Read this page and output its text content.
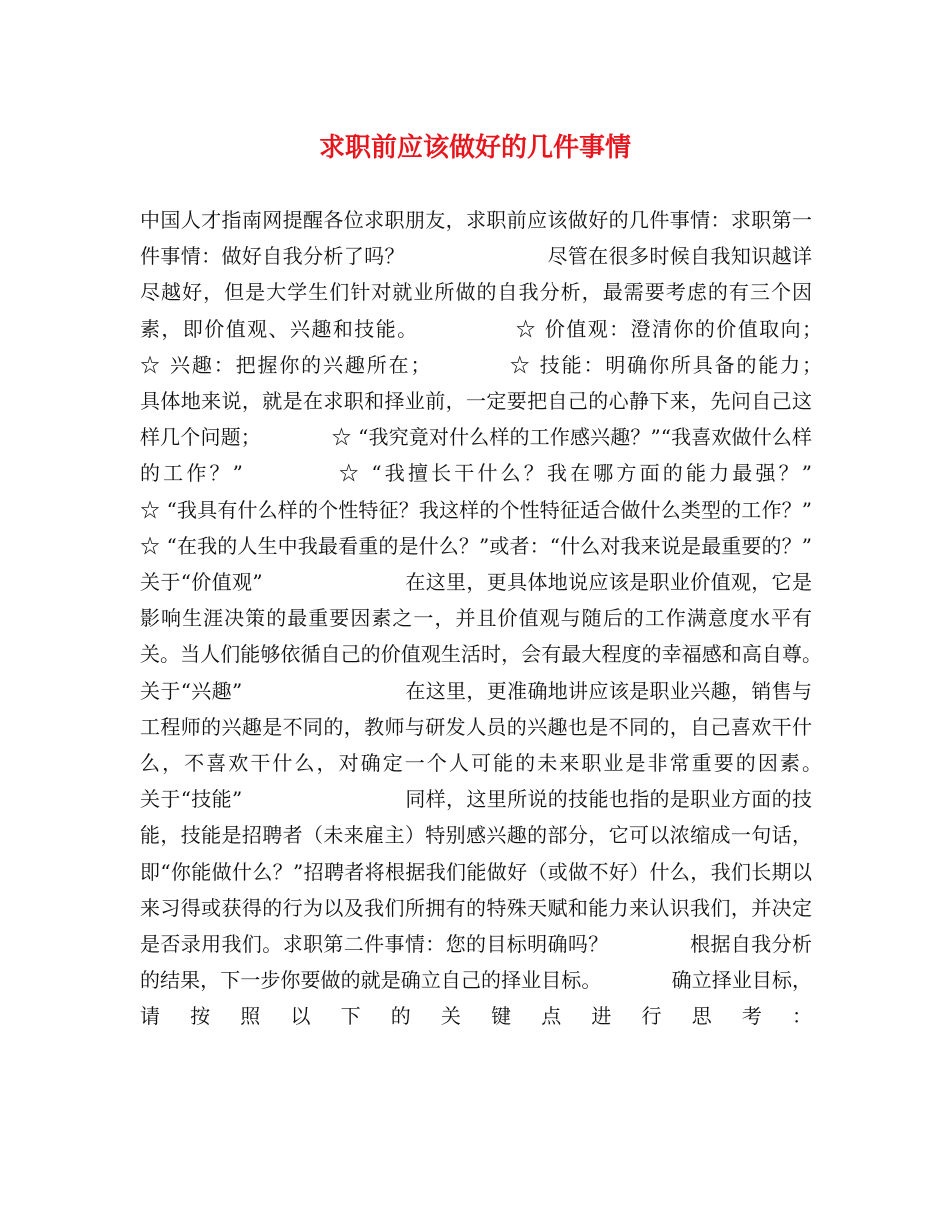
求职前应该做好的几件事情

中国人才指南网提醒各位求职朋友，求职前应该做好的几件事情：求职第一件事情：做好自我分析了吗？　　　　　　　尽管在很多时候自我知识越详尽越好，但是大学生们针对就业所做的自我分析，最需要考虑的有三个因素，即价值观、兴趣和技能。　　　　　☆ 价值观：澄清你的价值取向；　　　　　☆ 兴趣：把握你的兴趣所在；　　　　☆ 技能：明确你所具备的能力；　　　　具体地来说，就是在求职和择业前，一定要把自己的心静下来，先问自己这样几个问题；　　　　☆ “我究竟对什么样的工作感兴趣？”“我喜欢做什么样的工作？”　　　　☆ “我擅长干什么？我在哪方面的能力最强？”　　　　☆ “我具有什么样的个性特征？我这样的个性特征适合做什么类型的工作？”　　　　☆ “在我的人生中我最看重的是什么？”或者：“什么对我来说是最重要的？”　　　　关于“价值观”　　　　　　　在这里，更具体地说应该是职业价值观，它是影响生涯决策的最重要因素之一，并且价值观与随后的工作满意度水平有关。当人们能够依循自己的价值观生活时，会有最大程度的幸福感和高自尊。　　　　　关于“兴趣”　　　　　　　　在这里，更准确地讲应该是职业兴趣，销售与工程师的兴趣是不同的，教师与研发人员的兴趣也是不同的，自己喜欢干什么，不喜欢干什么，对确定一个人可能的未来职业是非常重要的因素。　　　关于“技能”　　　　　　　　同样，这里所说的技能也指的是职业方面的技能，技能是招聘者（未来雇主）特别感兴趣的部分，它可以浓缩成一句话，即“你能做什么？”招聘者将根据我们能做好（或做不好）什么，我们长期以来习得或获得的行为以及我们所拥有的特殊天赋和能力来认识我们，并决定是否录用我们。求职第二件事情：您的目标明确吗？　　　　根据自我分析的结果，下一步你要做的就是确立自己的择业目标。　　　　确立择业目标，请按照以下的关键点进行思考：
